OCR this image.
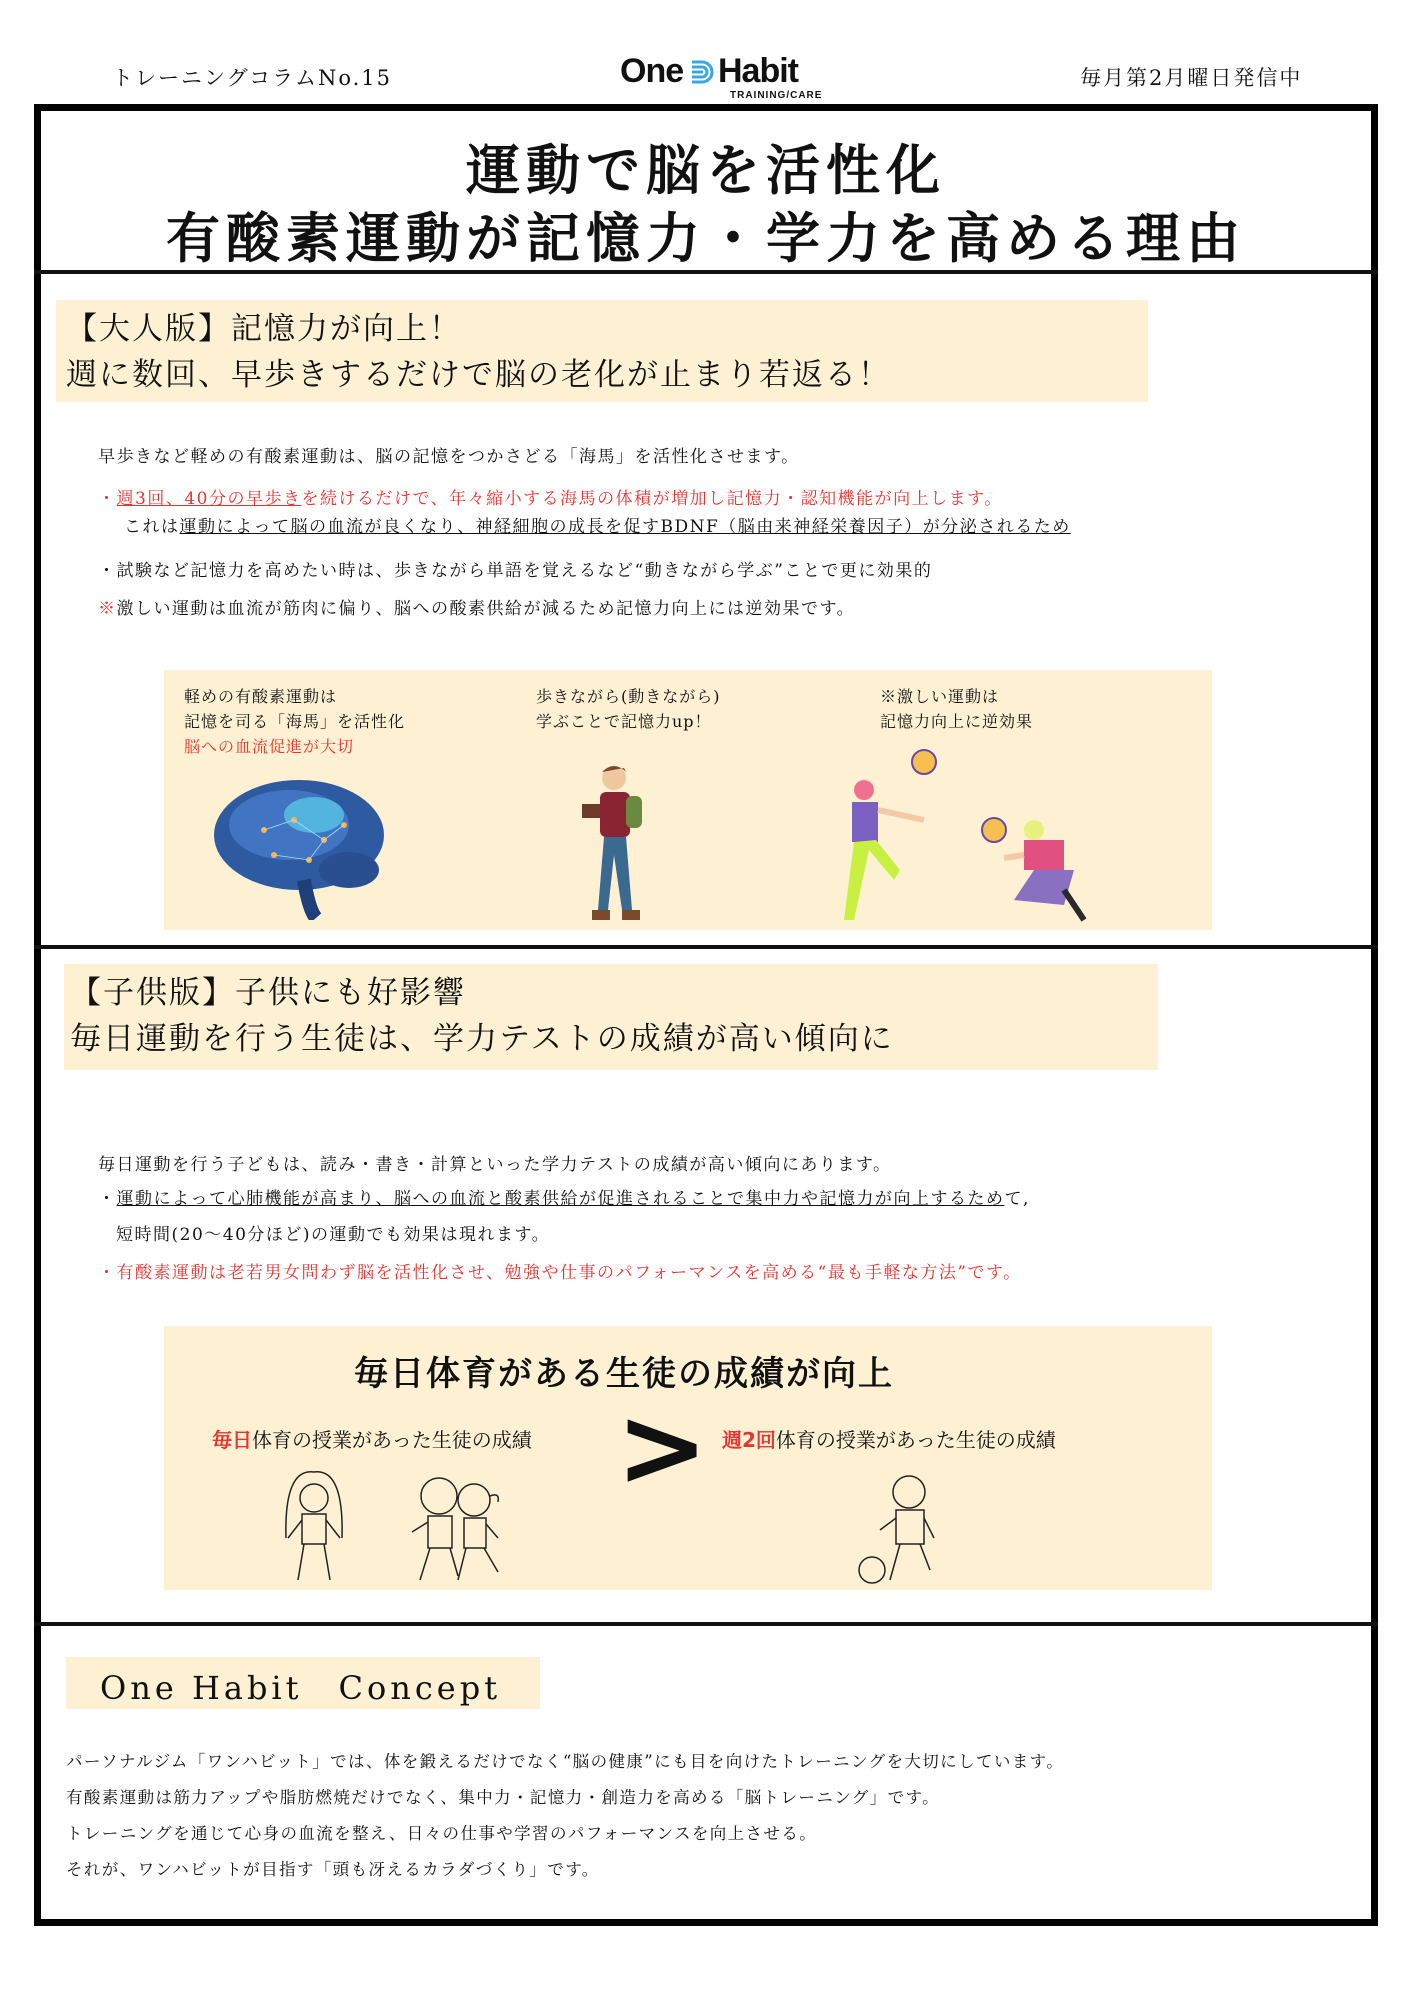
トレーニングコラムNo.15	One Habit
TRAINING/CARE
毎月第2月曜日発信中
運動で脳を活性化
有酸素運動が記憶力・学力を高める理由
【大人版】記憶力が向上！
週に数回、早歩きするだけで脳の老化が止まり若返る！
早歩きなど軽めの有酸素運動は、脳の記憶をつかさどる「海馬」を活性化させます。
・週3回、40分の早歩きを続けるだけで、年々縮小する海馬の体積が増加し記憶力・認知機能が向上します。
これは運動によって脳の血流が良くなり、神経細胞の成長を促すBDNF（脳由来神経栄養因子）が分泌されるため
・試験など記憶力を高めたい時は、歩きながら単語を覚えるなど“動きながら学ぶ”ことで更に効果的
※激しい運動は血流が筋肉に偏り、脳への酸素供給が減るため記憶力向上には逆効果です。
軽めの有酸素運動は
記憶を司る「海馬」を活性化
脳への血流促進が大切
歩きながら(動きながら)
学ぶことで記憶力up！
※激しい運動は
記憶力向上に逆効果
【子供版】子供にも好影響
毎日運動を行う生徒は、学力テストの成績が高い傾向に
毎日運動を行う子どもは、読み・書き・計算といった学力テストの成績が高い傾向にあります。
・運動によって心肺機能が高まり、脳への血流と酸素供給が促進されることで集中力や記憶力が向上するためて,
短時間(20～40分ほど)の運動でも効果は現れます。
・有酸素運動は老若男女問わず脳を活性化させ、勉強や仕事のパフォーマンスを高める“最も手軽な方法”です。
毎日体育がある生徒の成績が向上
毎日体育の授業があった生徒の成績 > 週2回体育の授業があった生徒の成績
One Habit　Concept
パーソナルジム「ワンハビット」では、体を鍛えるだけでなく“脳の健康”にも目を向けたトレーニングを大切にしています。
有酸素運動は筋力アップや脂肪燃焼だけでなく、集中力・記憶力・創造力を高める「脳トレーニング」です。
トレーニングを通じて心身の血流を整え、日々の仕事や学習のパフォーマンスを向上させる。
それが、ワンハビットが目指す「頭も冴えるカラダづくり」です。
